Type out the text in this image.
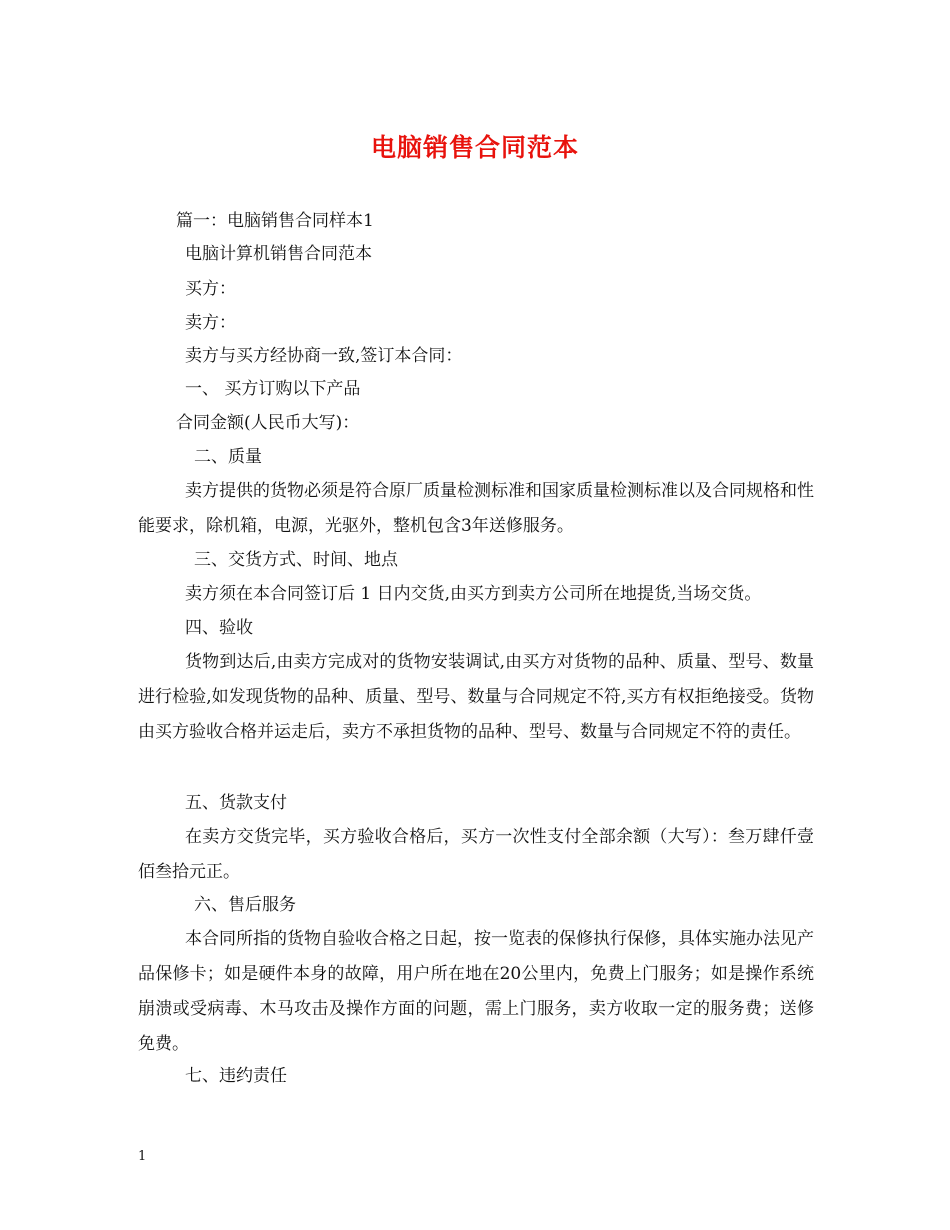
电脑销售合同范本
篇一：电脑销售合同样本1
电脑计算机销售合同范本
买方：
卖方：
卖方与买方经协商一致,签订本合同：
一、 买方订购以下产品
合同金额(人民币大写)：
二、质量
卖方提供的货物必须是符合原厂质量检测标准和国家质量检测标准以及合同规格和性能要求，除机箱，电源，光驱外，整机包含3年送修服务。
三、交货方式、时间、地点
卖方须在本合同签订后 1 日内交货,由买方到卖方公司所在地提货,当场交货。
四、验收
货物到达后,由卖方完成对的货物安装调试,由买方对货物的品种、质量、型号、数量进行检验,如发现货物的品种、质量、型号、数量与合同规定不符,买方有权拒绝接受。货物由买方验收合格并运走后，卖方不承担货物的品种、型号、数量与合同规定不符的责任。
五、货款支付
在卖方交货完毕，买方验收合格后，买方一次性支付全部余额（大写）：叁万肆仟壹佰叁拾元正。
六、售后服务
本合同所指的货物自验收合格之日起，按一览表的保修执行保修，具体实施办法见产品保修卡；如是硬件本身的故障，用户所在地在20公里内，免费上门服务；如是操作系统崩溃或受病毒、木马攻击及操作方面的问题，需上门服务，卖方收取一定的服务费；送修免费。
七、违约责任
1
